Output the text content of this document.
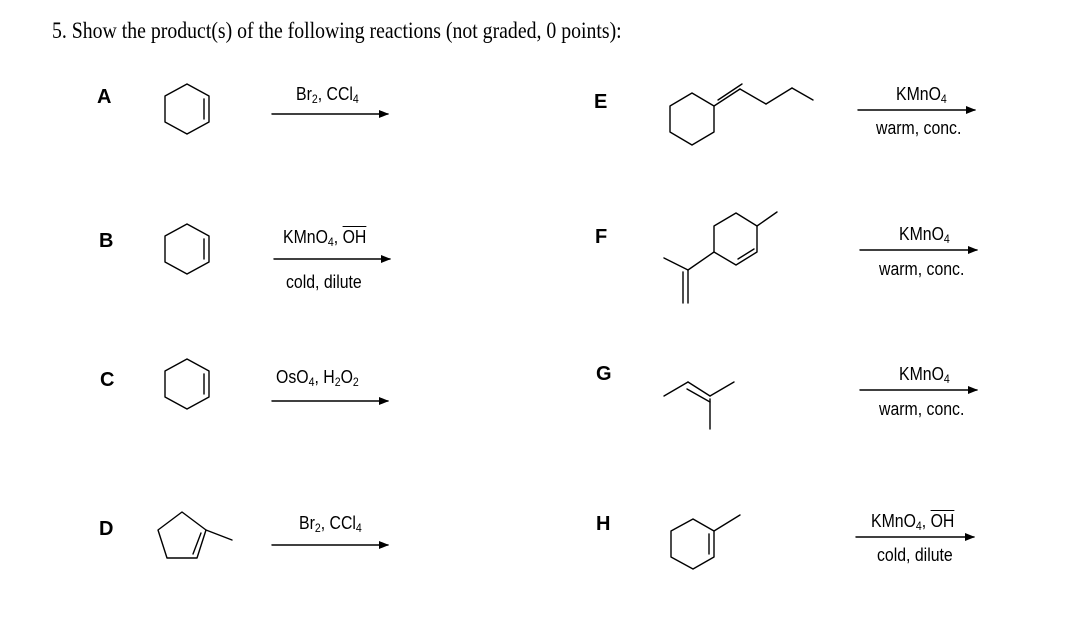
5. Show the product(s) of the following reactions (not graded, 0 points):
A
B
C
D
E
F
G
H
$Br_2$, CCl$_4$
KMnO$_4$, $\overline{OH}$
cold, dilute
OsO$_4$, $H_2O_2$
$Br_2$, CCl$_4$
KMnO$_4$
warm, conc.
KMnO$_4$
warm, conc.
KMnO$_4$
warm, conc.
KMnO$_4$, $\overline{OH}$
cold, dilute
